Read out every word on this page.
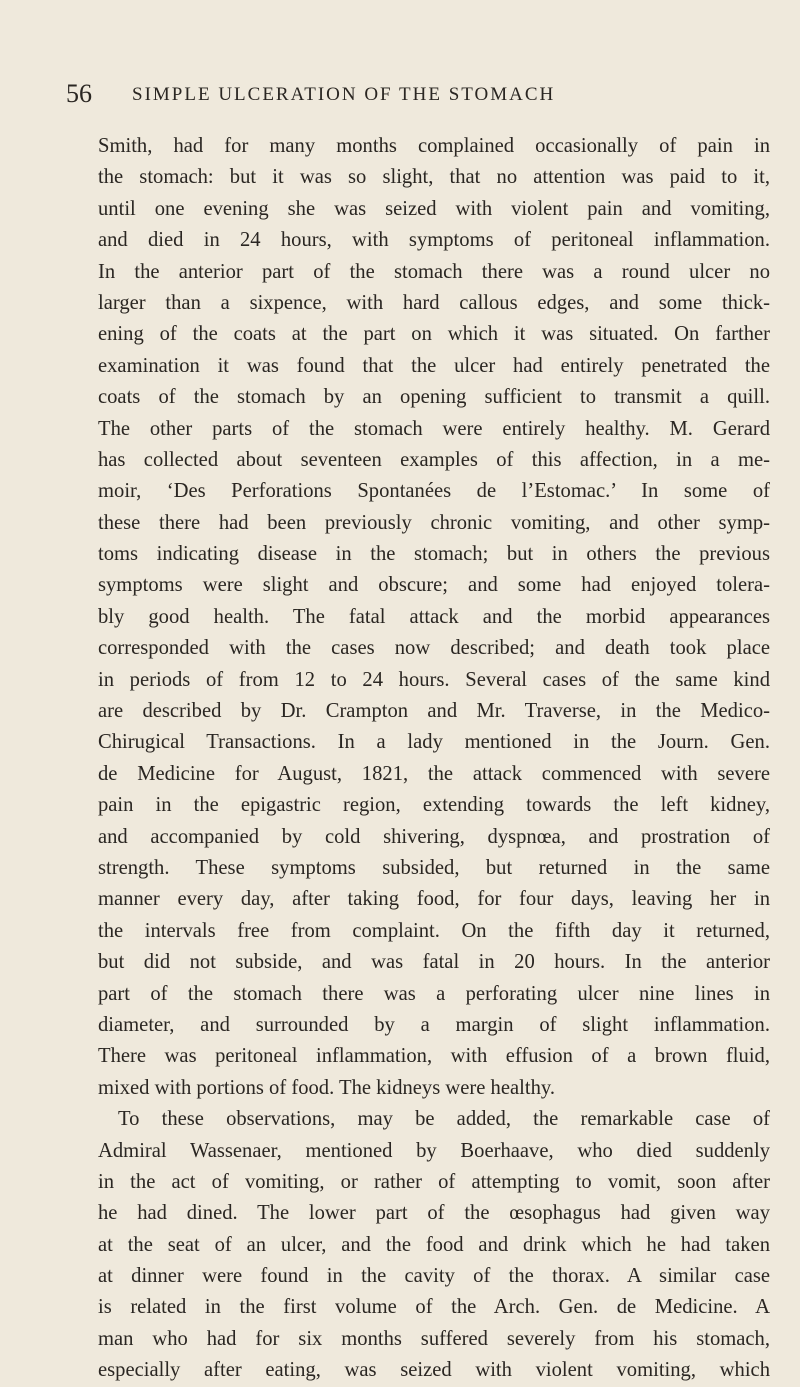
56 SIMPLE ULCERATION OF THE STOMACH
Smith, had for many months complained occasionally of pain in
the stomach: but it was so slight, that no attention was paid to it,
until one evening she was seized with violent pain and vomiting,
and died in 24 hours, with symptoms of peritoneal inflammation.
In the anterior part of the stomach there was a round ulcer no
larger than a sixpence, with hard callous edges, and some thick-
ening of the coats at the part on which it was situated. On farther
examination it was found that the ulcer had entirely penetrated the
coats of the stomach by an opening sufficient to transmit a quill.
The other parts of the stomach were entirely healthy. M. Gerard
has collected about seventeen examples of this affection, in a me-
moir, ‘Des Perforations Spontanées de l’Estomac.’ In some of
these there had been previously chronic vomiting, and other symp-
toms indicating disease in the stomach; but in others the previous
symptoms were slight and obscure; and some had enjoyed tolera-
bly good health. The fatal attack and the morbid appearances
corresponded with the cases now described; and death took place
in periods of from 12 to 24 hours. Several cases of the same kind
are described by Dr. Crampton and Mr. Traverse, in the Medico-
Chirugical Transactions. In a lady mentioned in the Journ. Gen.
de Medicine for August, 1821, the attack commenced with severe
pain in the epigastric region, extending towards the left kidney,
and accompanied by cold shivering, dyspnœa, and prostration of
strength. These symptoms subsided, but returned in the same
manner every day, after taking food, for four days, leaving her in
the intervals free from complaint. On the fifth day it returned,
but did not subside, and was fatal in 20 hours. In the anterior
part of the stomach there was a perforating ulcer nine lines in
diameter, and surrounded by a margin of slight inflammation.
There was peritoneal inflammation, with effusion of a brown fluid,
mixed with portions of food. The kidneys were healthy.
To these observations, may be added, the remarkable case of
Admiral Wassenaer, mentioned by Boerhaave, who died suddenly
in the act of vomiting, or rather of attempting to vomit, soon after
he had dined. The lower part of the œsophagus had given way
at the seat of an ulcer, and the food and drink which he had taken
at dinner were found in the cavity of the thorax. A similar case
is related in the first volume of the Arch. Gen. de Medicine. A
man who had for six months suffered severely from his stomach,
especially after eating, was seized with violent vomiting, which
